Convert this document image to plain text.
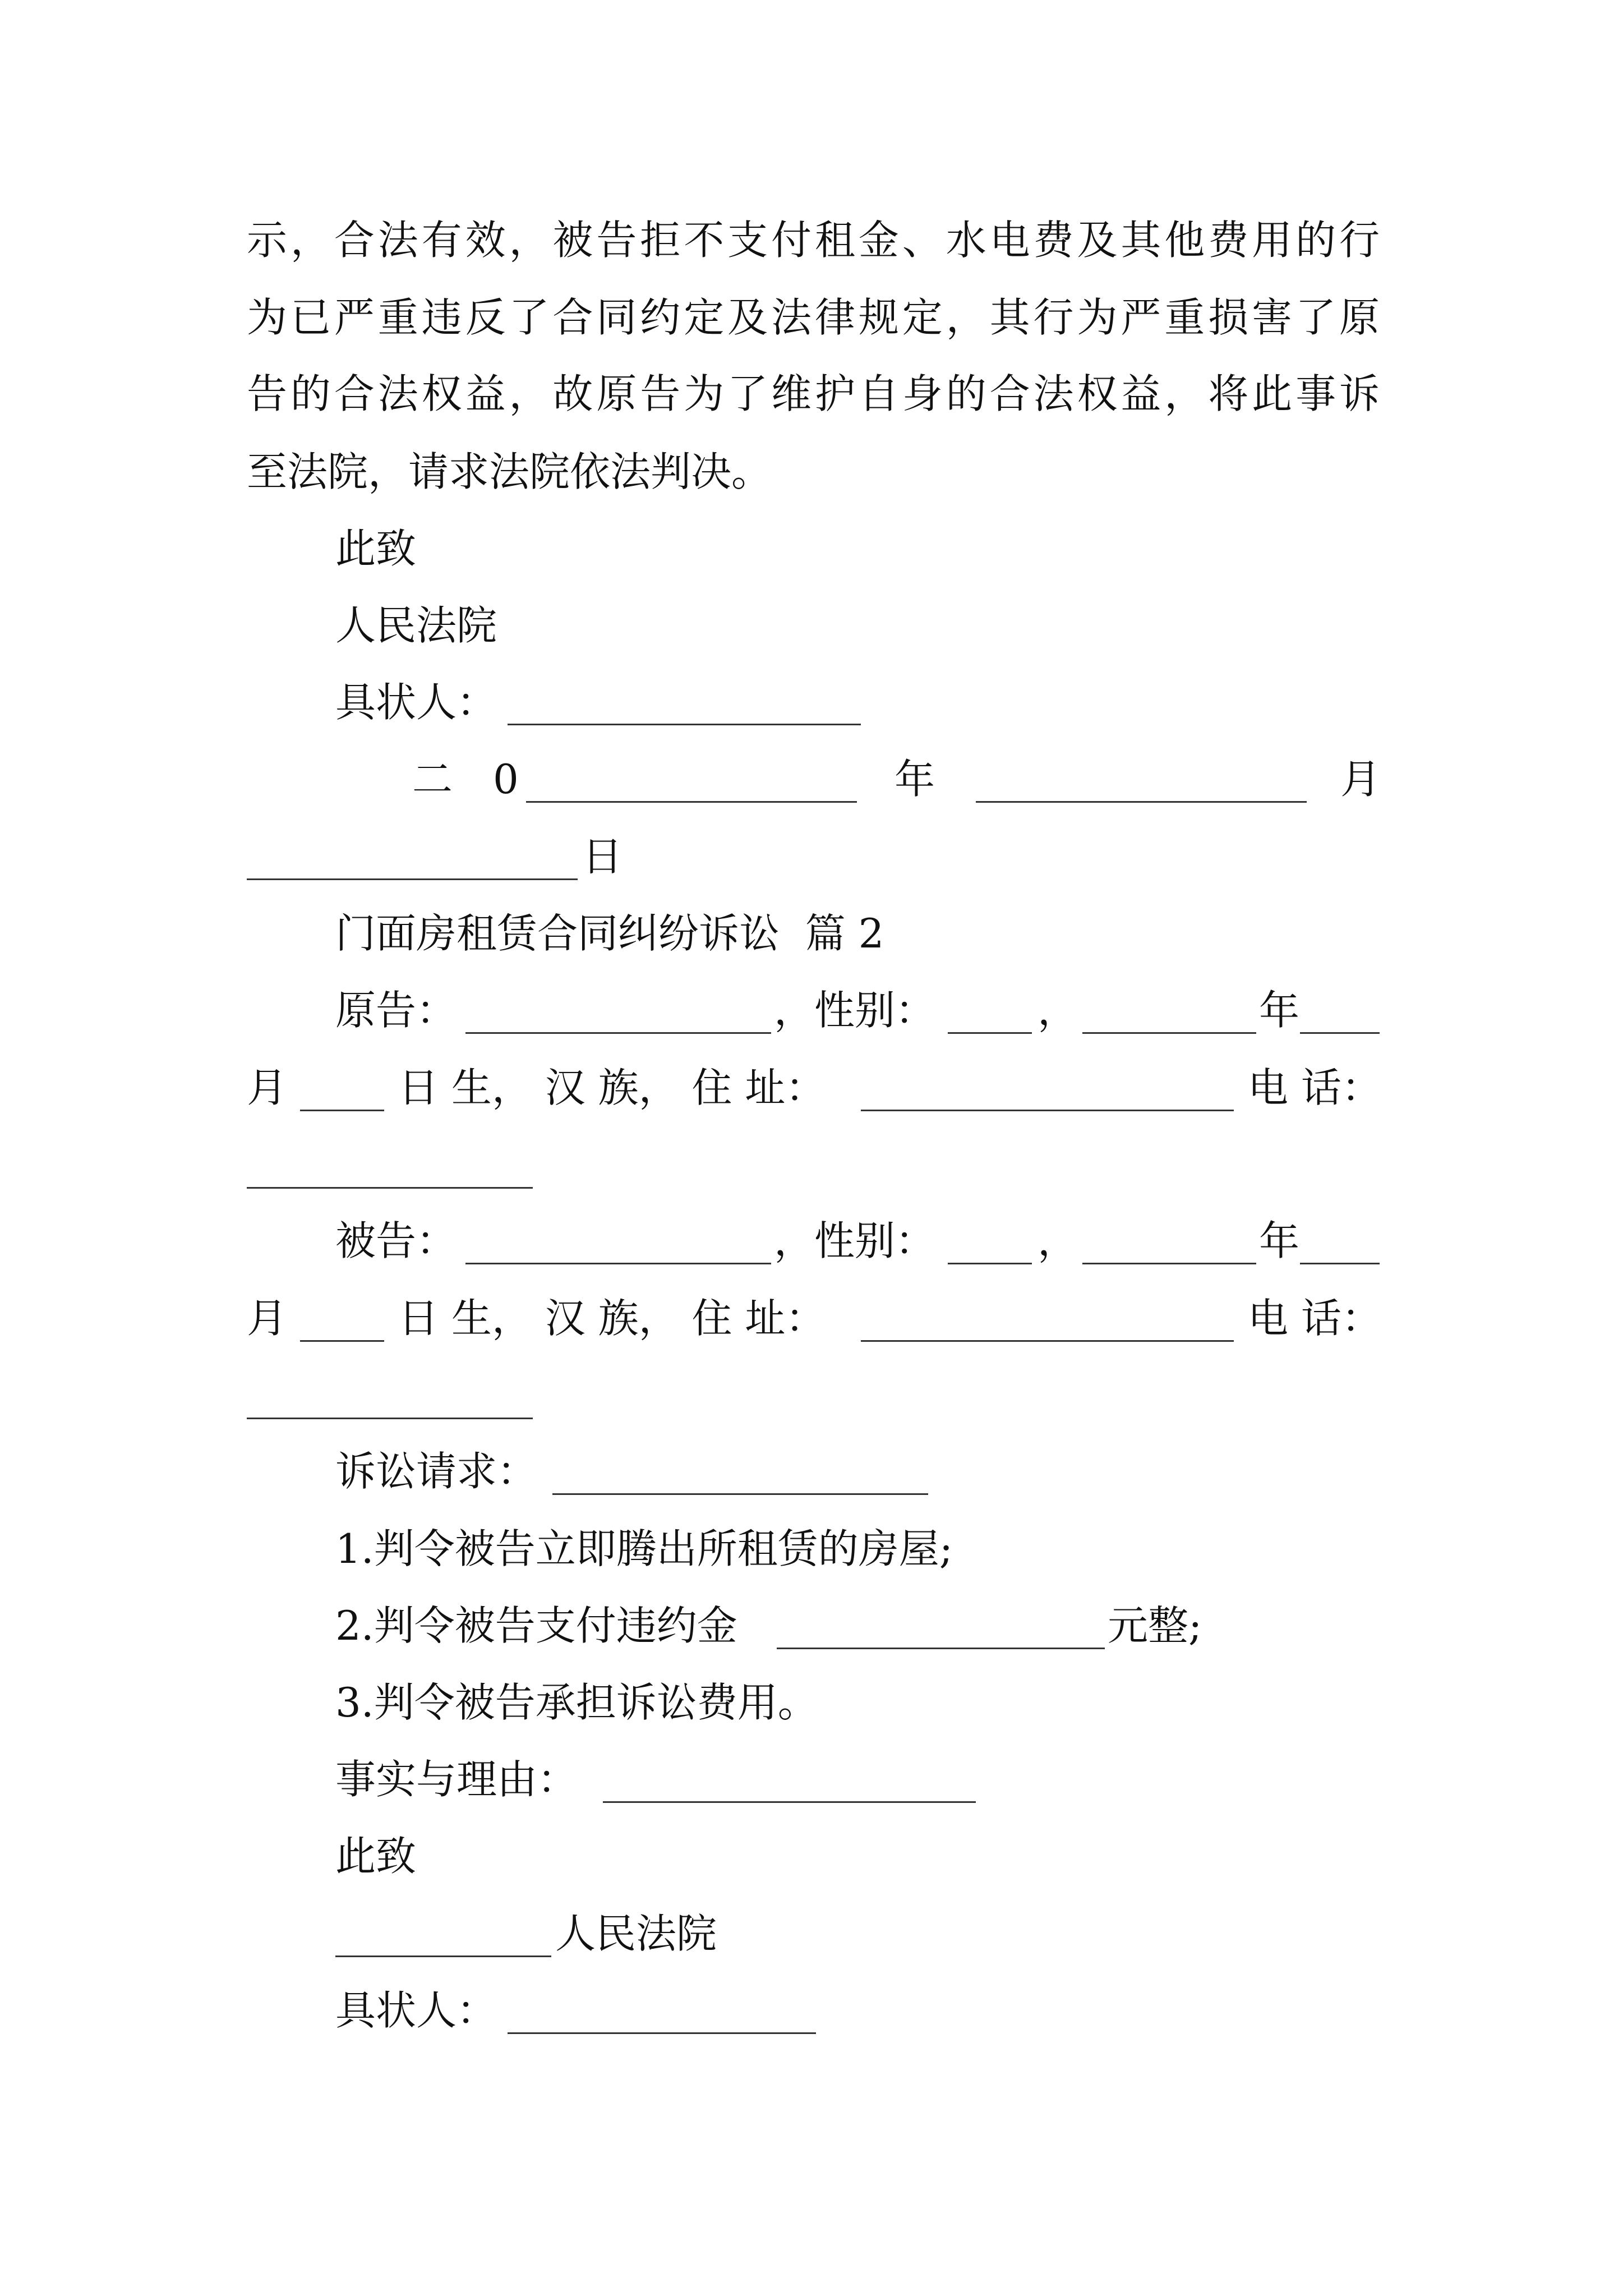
示，合法有效，被告拒不支付租金、水电费及其他费用的行
为已严重违反了合同约定及法律规定，其行为严重损害了原
告的合法权益，故原告为了维护自身的合法权益，将此事诉
至法院，请求法院依法判决。
此致
人民法院
具状人：
二　0	年	月
日
门面房租赁合同纠纷诉讼  篇 2
原告：	，性别：	，	年
月	日 生， 汉 族， 住 址：	电 话：
被告：	，性别：	，	年
月	日 生， 汉 族， 住 址：	电 话：
诉讼请求：
1.判令被告立即腾出所租赁的房屋;
2.判令被告支付违约金	元整;
3.判令被告承担诉讼费用。
事实与理由：
此致
人民法院
具状人：
